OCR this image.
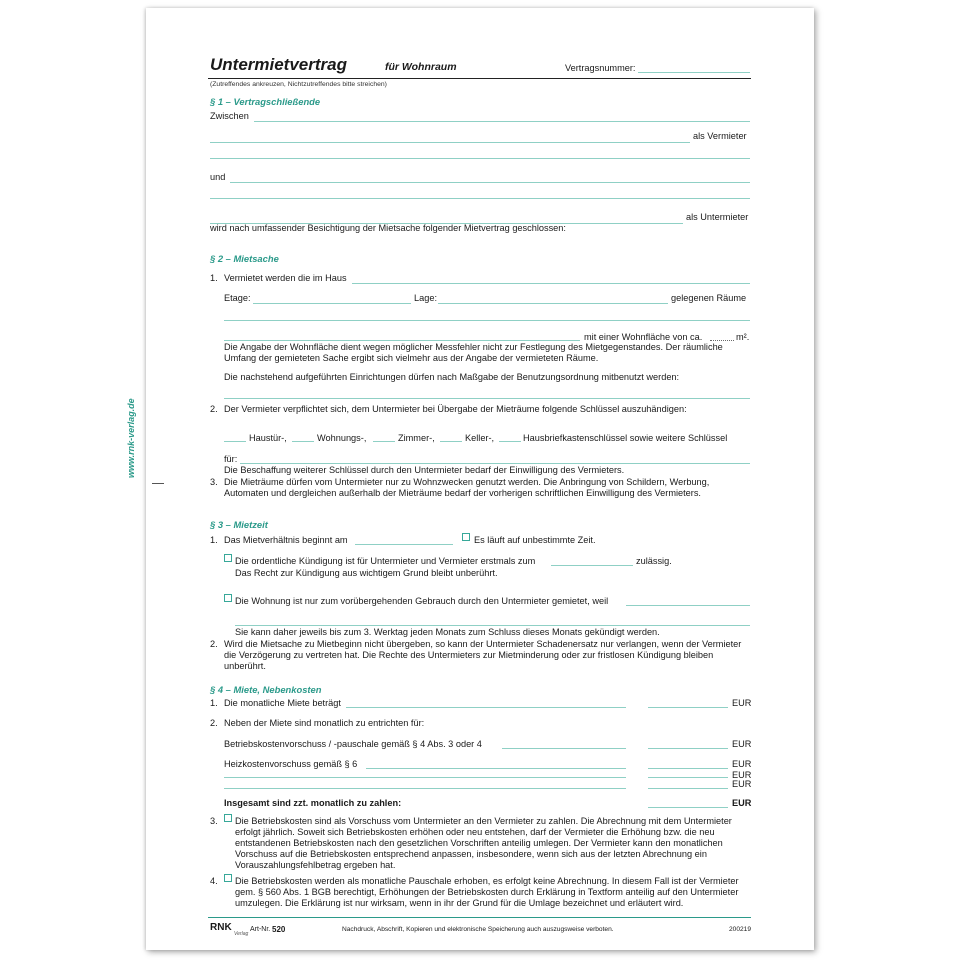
www.rnk-verlag.de
Untermietvertrag	für Wohnraum	Vertragsnummer:
(Zutreffendes ankreuzen, Nichtzutreffendes bitte streichen)
§ 1 – Vertragschließende
Zwischen
als Vermieter
und
als Untermieter
wird nach umfassender Besichtigung der Mietsache folgender Mietvertrag geschlossen:
§ 2 – Mietsache
1. Vermietet werden die im Haus
Etage:	Lage:	gelegenen Räume
mit einer Wohnfläche von ca.	m².
Die Angabe der Wohnfläche dient wegen möglicher Messfehler nicht zur Festlegung des Mietgegenstandes. Der räumliche Umfang der gemieteten Sache ergibt sich vielmehr aus der Angabe der vermieteten Räume.
Die nachstehend aufgeführten Einrichtungen dürfen nach Maßgabe der Benutzungsordnung mitbenutzt werden:
2. Der Vermieter verpflichtet sich, dem Untermieter bei Übergabe der Mieträume folgende Schlüssel auszuhändigen:
Haustür-,	Wohnungs-,	Zimmer-,	Keller-,	Hausbriefkastenschlüssel sowie weitere Schlüssel
für:
Die Beschaffung weiterer Schlüssel durch den Untermieter bedarf der Einwilligung des Vermieters.
3. Die Mieträume dürfen vom Untermieter nur zu Wohnzwecken genutzt werden. Die Anbringung von Schildern, Werbung, Automaten und dergleichen außerhalb der Mieträume bedarf der vorherigen schriftlichen Einwilligung des Vermieters.
§ 3 – Mietzeit
1. Das Mietverhältnis beginnt am	Es läuft auf unbestimmte Zeit.
Die ordentliche Kündigung ist für Untermieter und Vermieter erstmals zum	zulässig.
Das Recht zur Kündigung aus wichtigem Grund bleibt unberührt.
Die Wohnung ist nur zum vorübergehenden Gebrauch durch den Untermieter gemietet, weil
Sie kann daher jeweils bis zum 3. Werktag jeden Monats zum Schluss dieses Monats gekündigt werden.
2. Wird die Mietsache zu Mietbeginn nicht übergeben, so kann der Untermieter Schadenersatz nur verlangen, wenn der Vermieter die Verzögerung zu vertreten hat. Die Rechte des Untermieters zur Mietminderung oder zur fristlosen Kündigung bleiben unberührt.
§ 4 – Miete, Nebenkosten
1. Die monatliche Miete beträgt	EUR
2. Neben der Miete sind monatlich zu entrichten für:
Betriebskostenvorschuss / -pauschale gemäß § 4 Abs. 3 oder 4	EUR
Heizkostenvorschuss gemäß § 6	EUR
EUR
EUR
Insgesamt sind zzt. monatlich zu zahlen:	EUR
3. Die Betriebskosten sind als Vorschuss vom Untermieter an den Vermieter zu zahlen. Die Abrechnung mit dem Untermieter erfolgt jährlich. Soweit sich Betriebskosten erhöhen oder neu entstehen, darf der Vermieter die Erhöhung bzw. die neu entstandenen Betriebskosten nach den gesetzlichen Vorschriften anteilig umlegen. Der Vermieter kann den monatlichen Vorschuss auf die Betriebskosten entsprechend anpassen, insbesondere, wenn sich aus der letzten Abrechnung ein Vorauszahlungsfehlbetrag ergeben hat.
4. Die Betriebskosten werden als monatliche Pauschale erhoben, es erfolgt keine Abrechnung. In diesem Fall ist der Vermieter gem. § 560 Abs. 1 BGB berechtigt, Erhöhungen der Betriebskosten durch Erklärung in Textform anteilig auf den Untermieter umzulegen. Die Erklärung ist nur wirksam, wenn in ihr der Grund für die Umlage bezeichnet und erläutert wird.
RNK
Verlag
Art-Nr. 520	Nachdruck, Abschrift, Kopieren und elektronische Speicherung auch auszugsweise verboten.	200219
